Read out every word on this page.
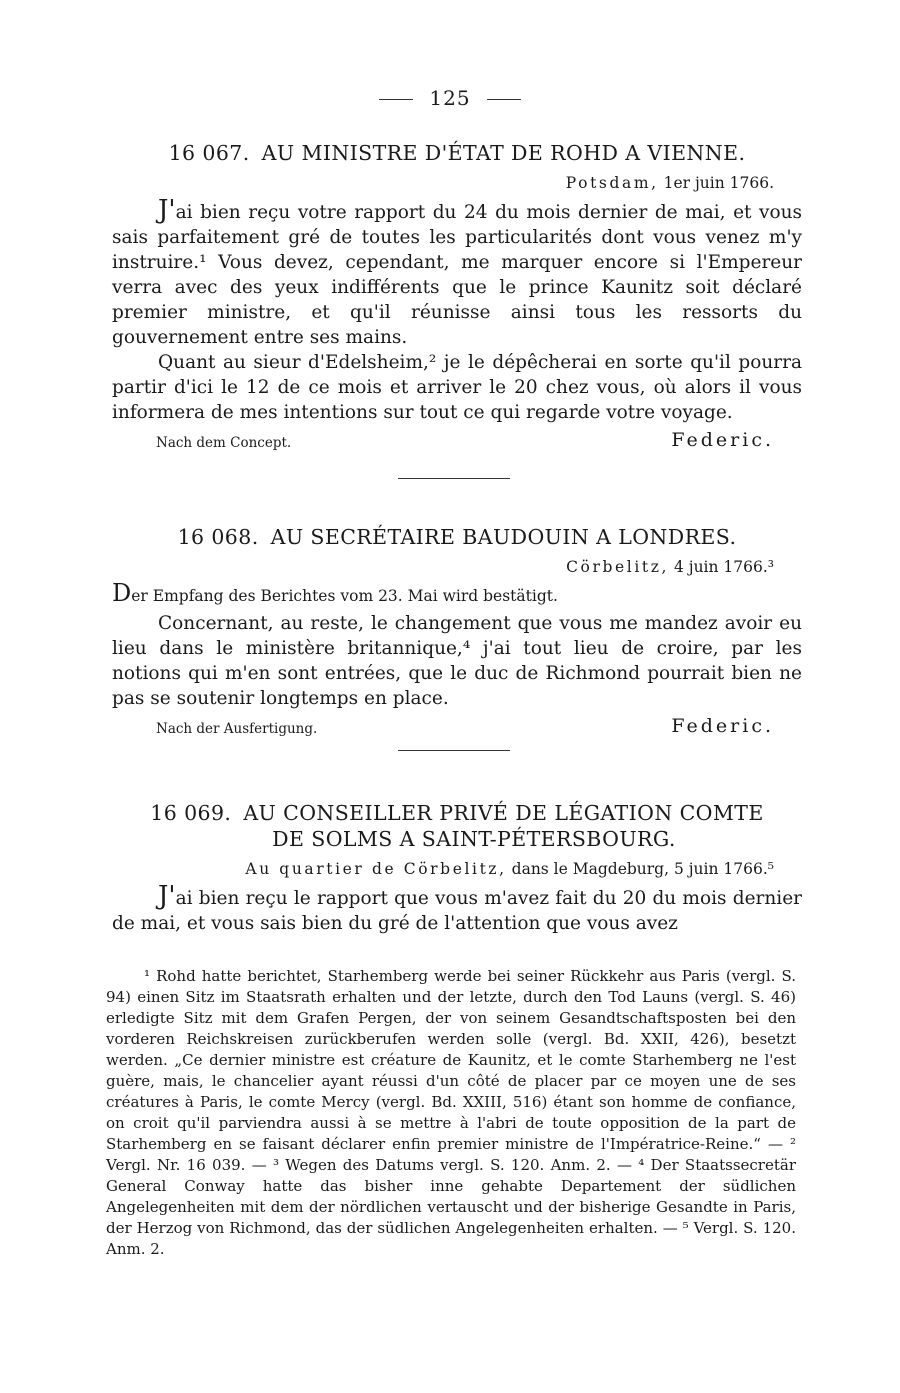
125

16 067. AU MINISTRE D'ÉTAT DE ROHD A VIENNE.

Potsdam, 1er juin 1766.

J'ai bien reçu votre rapport du 24 du mois dernier de mai, et vous sais parfaitement gré de toutes les particularités dont vous venez m'y instruire.¹ Vous devez, cependant, me marquer encore si l'Empereur verra avec des yeux indifférents que le prince Kaunitz soit déclaré premier ministre, et qu'il réunisse ainsi tous les ressorts du gouvernement entre ses mains.

Quant au sieur d'Edelsheim,² je le dépêcherai en sorte qu'il pourra partir d'ici le 12 de ce mois et arriver le 20 chez vous, où alors il vous informera de mes intentions sur tout ce qui regarde votre voyage.

Nach dem Concept.	Federic.

16 068. AU SECRÉTAIRE BAUDOUIN A LONDRES.

Cörbelitz, 4 juin 1766.³
Der Empfang des Berichtes vom 23. Mai wird bestätigt.

Concernant, au reste, le changement que vous me mandez avoir eu lieu dans le ministère britannique,⁴ j'ai tout lieu de croire, par les notions qui m'en sont entrées, que le duc de Richmond pourrait bien ne pas se soutenir longtemps en place.

Nach der Ausfertigung.	Federic.

16 069. AU CONSEILLER PRIVÉ DE LÉGATION COMTE

DE SOLMS A SAINT-PÉTERSBOURG.

Au quartier de Cörbelitz, dans le Magdeburg, 5 juin 1766.⁵

J'ai bien reçu le rapport que vous m'avez fait du 20 du mois dernier de mai, et vous sais bien du gré de l'attention que vous avez

¹ Rohd hatte berichtet, Starhemberg werde bei seiner Rückkehr aus Paris (vergl. S. 94) einen Sitz im Staatsrath erhalten und der letzte, durch den Tod Launs (vergl. S. 46) erledigte Sitz mit dem Grafen Pergen, der von seinem Gesandtschaftsposten bei den vorderen Reichskreisen zurückberufen werden solle (vergl. Bd. XXII, 426), besetzt werden. „Ce dernier ministre est créature de Kaunitz, et le comte Starhemberg ne l'est guère, mais, le chancelier ayant réussi d'un côté de placer par ce moyen une de ses créatures à Paris, le comte Mercy (vergl. Bd. XXIII, 516) étant son homme de confiance, on croit qu'il parviendra aussi à se mettre à l'abri de toute opposition de la part de Starhemberg en se faisant déclarer enfin premier ministre de l'Impératrice-Reine.“ — ² Vergl. Nr. 16 039. — ³ Wegen des Datums vergl. S. 120. Anm. 2. — ⁴ Der Staatssecretär General Conway hatte das bisher inne gehabte Departement der südlichen Angelegenheiten mit dem der nördlichen vertauscht und der bisherige Gesandte in Paris, der Herzog von Richmond, das der südlichen Angelegenheiten erhalten. — ⁵ Vergl. S. 120. Anm. 2.
